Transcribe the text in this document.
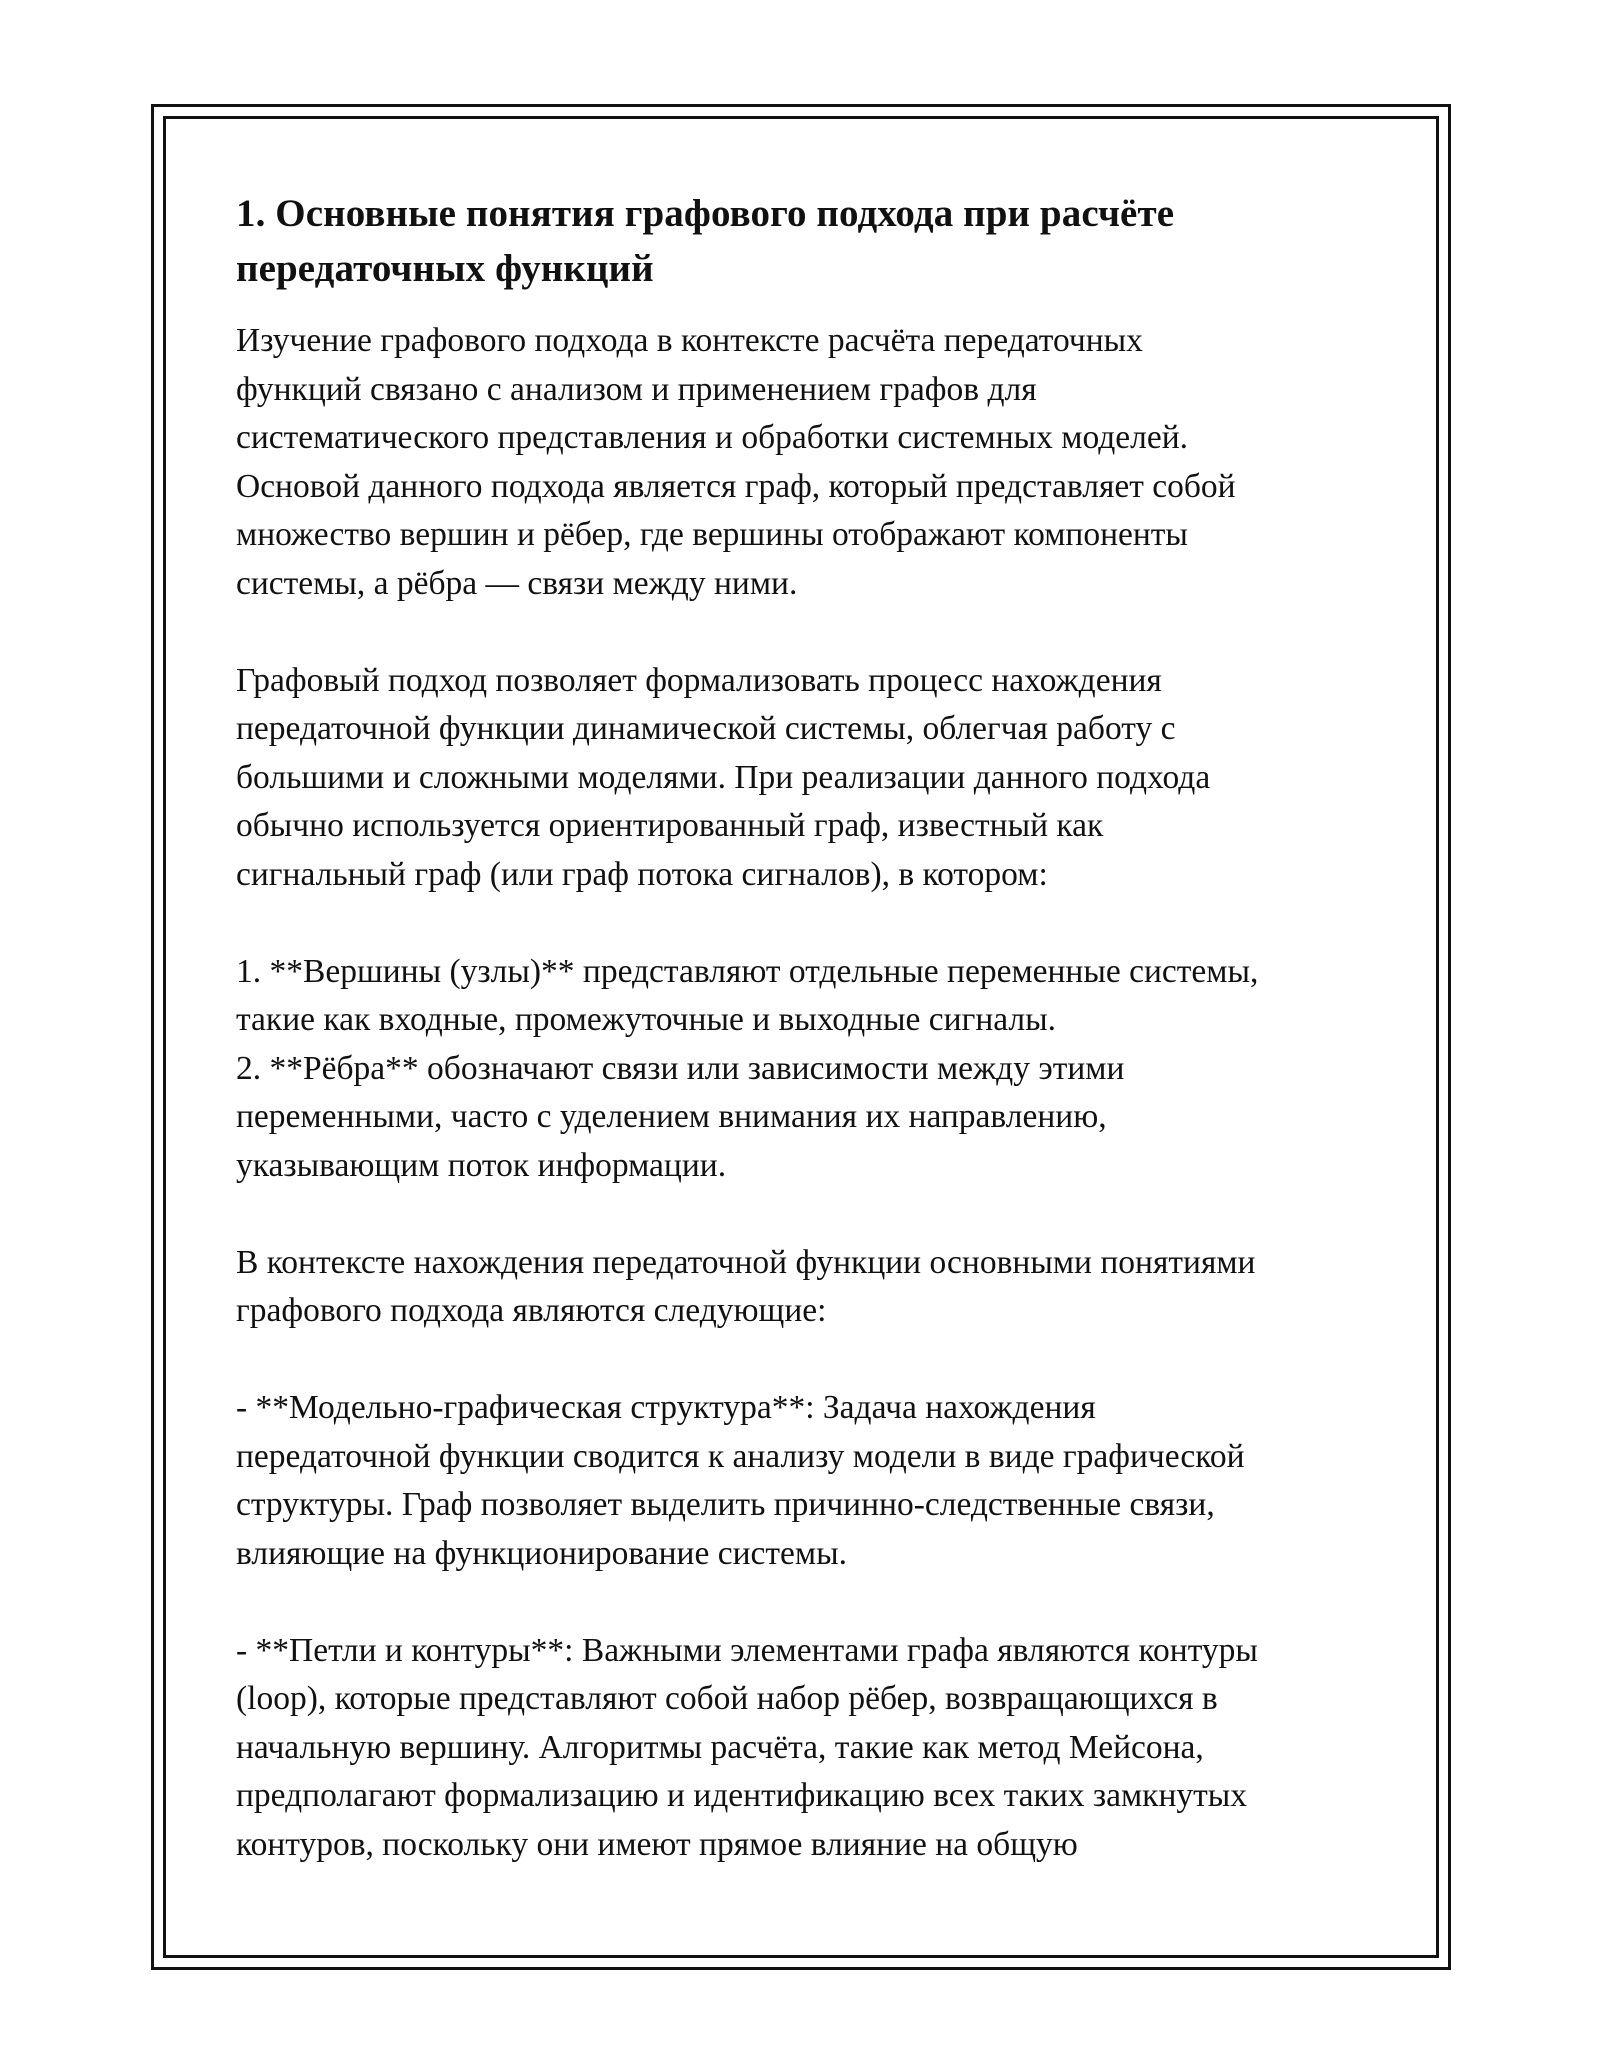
1. Основные понятия графового подхода при расчёте
передаточных функций

Изучение графового подхода в контексте расчёта передаточных
функций связано с анализом и применением графов для
систематического представления и обработки системных моделей.
Основой данного подхода является граф, который представляет собой
множество вершин и рёбер, где вершины отображают компоненты
системы, а рёбра — связи между ними.

Графовый подход позволяет формализовать процесс нахождения
передаточной функции динамической системы, облегчая работу с
большими и сложными моделями. При реализации данного подхода
обычно используется ориентированный граф, известный как
сигнальный граф (или граф потока сигналов), в котором:

1. **Вершины (узлы)** представляют отдельные переменные системы,
такие как входные, промежуточные и выходные сигналы.
2. **Рёбра** обозначают связи или зависимости между этими
переменными, часто с уделением внимания их направлению,
указывающим поток информации.

В контексте нахождения передаточной функции основными понятиями
графового подхода являются следующие:

- **Модельно-графическая структура**: Задача нахождения
передаточной функции сводится к анализу модели в виде графической
структуры. Граф позволяет выделить причинно-следственные связи,
влияющие на функционирование системы.

- **Петли и контуры**: Важными элементами графа являются контуры
(loop), которые представляют собой набор рёбер, возвращающихся в
начальную вершину. Алгоритмы расчёта, такие как метод Мейсона,
предполагают формализацию и идентификацию всех таких замкнутых
контуров, поскольку они имеют прямое влияние на общую
